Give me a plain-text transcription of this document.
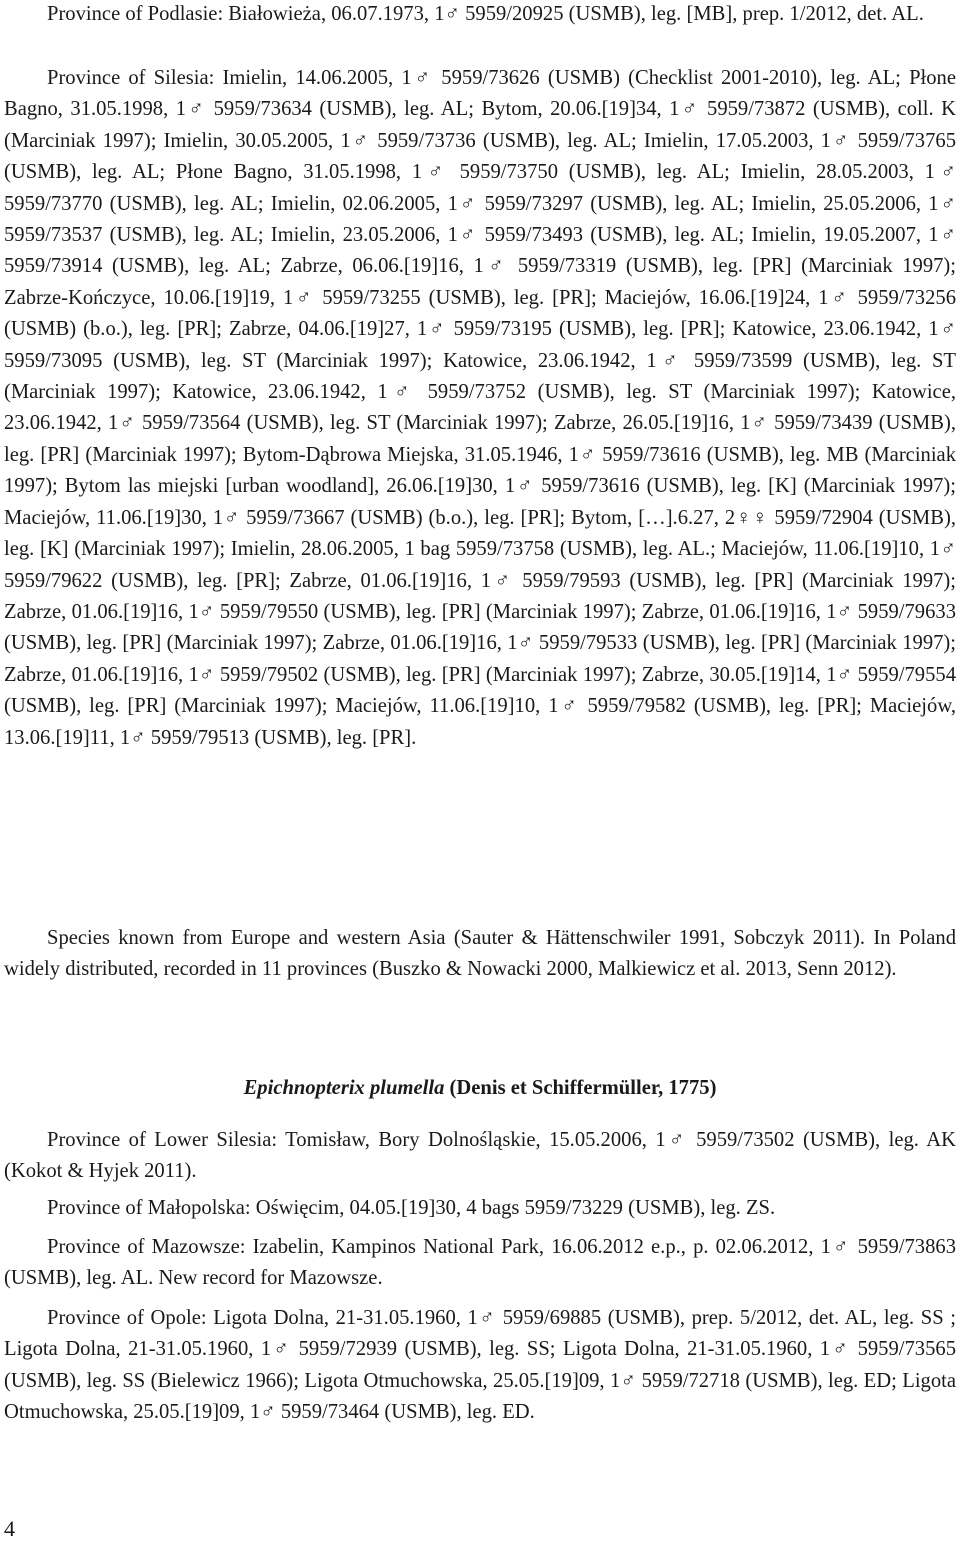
Province of Podlasie: Białowieża, 06.07.1973, 1♂ 5959/20925 (USMB), leg. [MB], prep. 1/2012, det. AL.

Province of Silesia: Imielin, 14.06.2005, 1♂ 5959/73626 (USMB) (Checklist 2001-2010), leg. AL; Płone Bagno, 31.05.1998, 1♂ 5959/73634 (USMB), leg. AL; Bytom, 20.06.[19]34, 1♂ 5959/73872 (USMB), coll. K (Marciniak 1997); Imielin, 30.05.2005, 1♂ 5959/73736 (USMB), leg. AL; Imielin, 17.05.2003, 1♂ 5959/73765 (USMB), leg. AL; Płone Bagno, 31.05.1998, 1♂ 5959/73750 (USMB), leg. AL; Imielin, 28.05.2003, 1♂ 5959/73770 (USMB), leg. AL; Imielin, 02.06.2005, 1♂ 5959/73297 (USMB), leg. AL; Imielin, 25.05.2006, 1♂ 5959/73537 (USMB), leg. AL; Imielin, 23.05.2006, 1♂ 5959/73493 (USMB), leg. AL; Imielin, 19.05.2007, 1♂ 5959/73914 (USMB), leg. AL; Zabrze, 06.06.[19]16, 1♂ 5959/73319 (USMB), leg. [PR] (Marciniak 1997); Zabrze-Kończyce, 10.06.[19]19, 1♂ 5959/73255 (USMB), leg. [PR]; Maciejów, 16.06.[19]24, 1♂ 5959/73256 (USMB) (b.o.), leg. [PR]; Zabrze, 04.06.[19]27, 1♂ 5959/73195 (USMB), leg. [PR]; Katowice, 23.06.1942, 1♂ 5959/73095 (USMB), leg. ST (Marciniak 1997); Katowice, 23.06.1942, 1♂ 5959/73599 (USMB), leg. ST (Marciniak 1997); Katowice, 23.06.1942, 1♂ 5959/73752 (USMB), leg. ST (Marciniak 1997); Katowice, 23.06.1942, 1♂ 5959/73564 (USMB), leg. ST (Marciniak 1997); Zabrze, 26.05.[19]16, 1♂ 5959/73439 (USMB), leg. [PR] (Marciniak 1997); Bytom-Dąbrowa Miejska, 31.05.1946, 1♂ 5959/73616 (USMB), leg. MB (Marciniak 1997); Bytom las miejski [urban woodland], 26.06.[19]30, 1♂ 5959/73616 (USMB), leg. [K] (Marciniak 1997); Maciejów, 11.06.[19]30, 1♂ 5959/73667 (USMB) (b.o.), leg. [PR]; Bytom, […].6.27, 2♀♀ 5959/72904 (USMB), leg. [K] (Marciniak 1997); Imielin, 28.06.2005, 1 bag 5959/73758 (USMB), leg. AL.; Maciejów, 11.06.[19]10, 1♂ 5959/79622 (USMB), leg. [PR]; Zabrze, 01.06.[19]16, 1♂ 5959/79593 (USMB), leg. [PR] (Marciniak 1997); Zabrze, 01.06.[19]16, 1♂ 5959/79550 (USMB), leg. [PR] (Marciniak 1997); Zabrze, 01.06.[19]16, 1♂ 5959/79633 (USMB), leg. [PR] (Marciniak 1997); Zabrze, 01.06.[19]16, 1♂ 5959/79533 (USMB), leg. [PR] (Marciniak 1997); Zabrze, 01.06.[19]16, 1♂ 5959/79502 (USMB), leg. [PR] (Marciniak 1997); Zabrze, 30.05.[19]14, 1♂ 5959/79554 (USMB), leg. [PR] (Marciniak 1997); Maciejów, 11.06.[19]10, 1♂ 5959/79582 (USMB), leg. [PR]; Maciejów, 13.06.[19]11, 1♂ 5959/79513 (USMB), leg. [PR].

Species known from Europe and western Asia (Sauter & Hättenschwiler 1991, Sobczyk 2011). In Poland widely distributed, recorded in 11 provinces (Buszko & Nowacki 2000, Malkiewicz et al. 2013, Senn 2012).

Epichnopterix plumella (Denis et Schiffermüller, 1775)

Province of Lower Silesia: Tomisław, Bory Dolnośląskie, 15.05.2006, 1♂ 5959/73502 (USMB), leg. AK (Kokot & Hyjek 2011).

Province of Małopolska: Oświęcim, 04.05.[19]30, 4 bags 5959/73229 (USMB), leg. ZS.

Province of Mazowsze: Izabelin, Kampinos National Park, 16.06.2012 e.p., p. 02.06.2012, 1♂ 5959/73863 (USMB), leg. AL. New record for Mazowsze.

Province of Opole: Ligota Dolna, 21-31.05.1960, 1♂ 5959/69885 (USMB), prep. 5/2012, det. AL, leg. SS ; Ligota Dolna, 21-31.05.1960, 1♂ 5959/72939 (USMB), leg. SS; Ligota Dolna, 21-31.05.1960, 1♂ 5959/73565 (USMB), leg. SS (Bielewicz 1966); Ligota Otmuchowska, 25.05.[19]09, 1♂ 5959/72718 (USMB), leg. ED; Ligota Otmuchowska, 25.05.[19]09, 1♂ 5959/73464 (USMB), leg. ED.

4
